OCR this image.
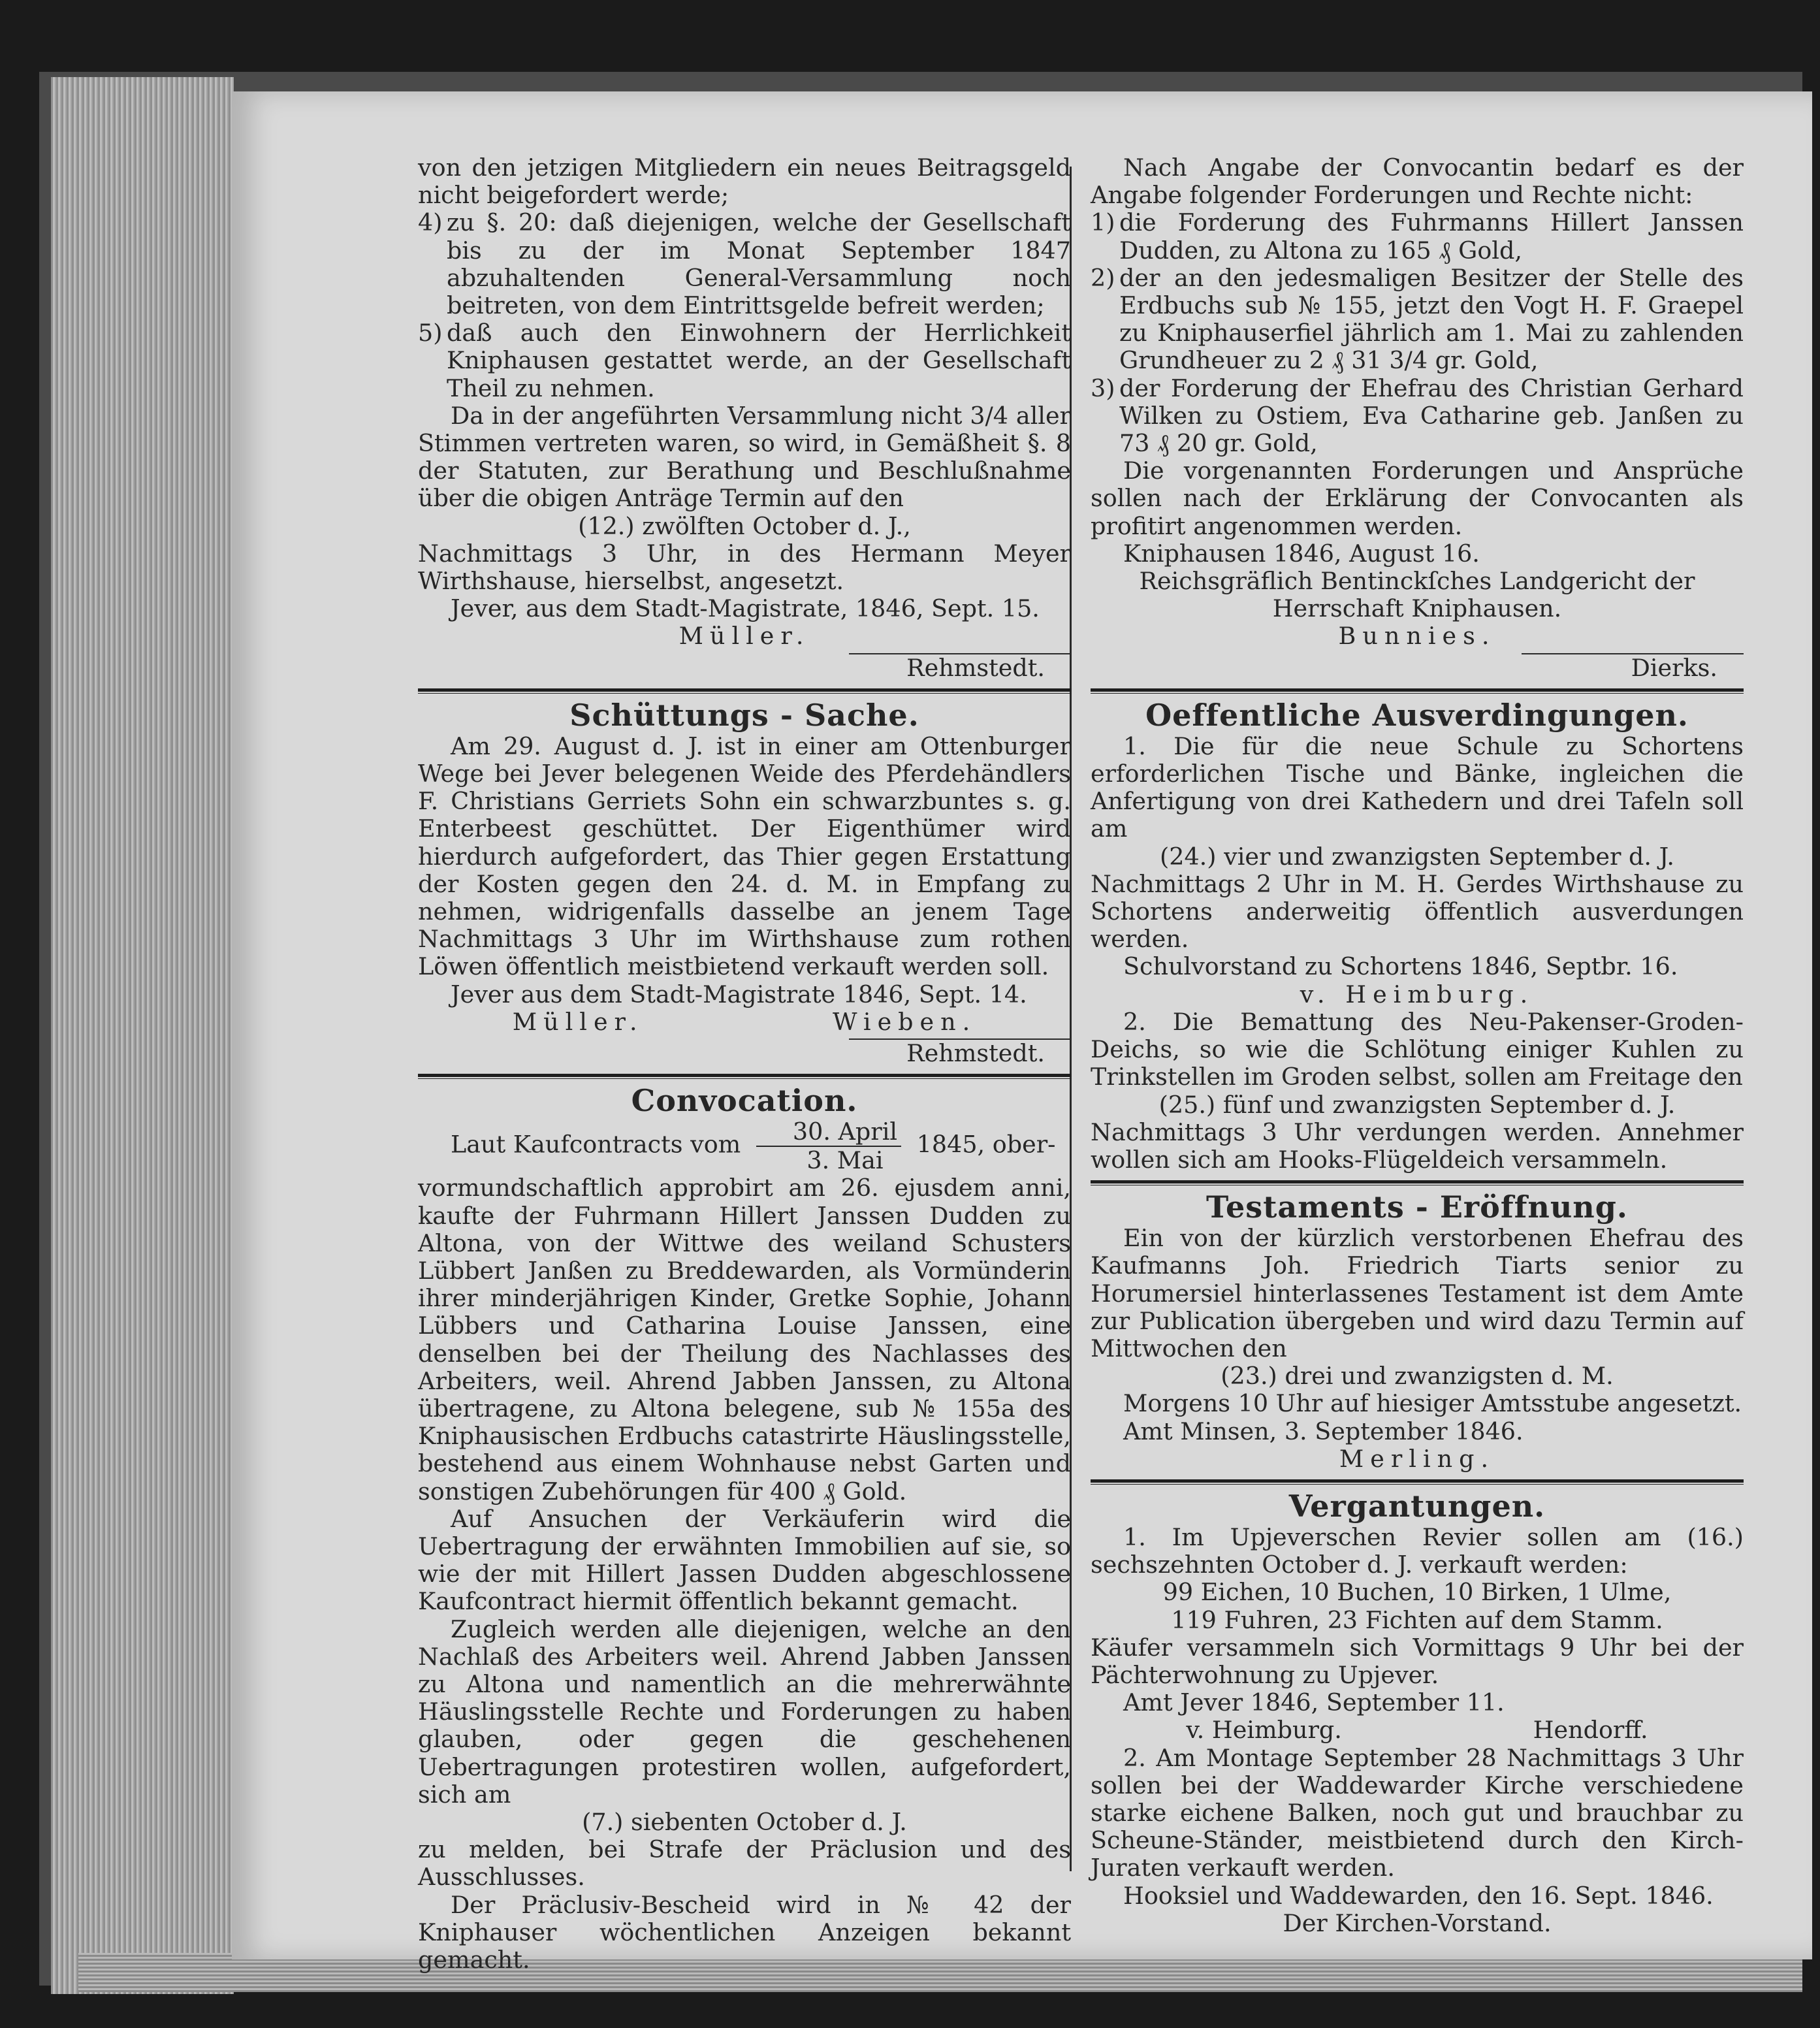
von den jetzigen Mitgliedern ein neues Beitragsgeld nicht beigefordert werde;

4) zu §. 20: daß diejenigen, welche der Gesellschaft bis zu der im Monat September 1847 abzuhaltenden General-Versammlung noch beitreten, von dem Eintrittsgelde befreit werden;
5) daß auch den Einwohnern der Herrlichkeit Kniphausen gestattet werde, an der Gesellschaft Theil zu nehmen.

Da in der angeführten Versammlung nicht 3/4 aller Stimmen vertreten waren, so wird, in Gemäßheit §. 8 der Statuten, zur Berathung und Beschlußnahme über die obigen Anträge Termin auf den

(12.) zwölften October d. J.,

Nachmittags 3 Uhr, in des Hermann Meyer Wirthshause, hierselbst, angesetzt.

Jever, aus dem Stadt-Magistrate, 1846, Sept. 15.

Müller.

Rehmstedt.
Schüttungs - Sache.

Am 29. August d. J. ist in einer am Ottenburger Wege bei Jever belegenen Weide des Pferdehändlers F. Christians Gerriets Sohn ein schwarzbuntes s. g. Enterbeest geschüttet. Der Eigenthümer wird hierdurch aufgefordert, das Thier gegen Erstattung der Kosten gegen den 24. d. M. in Empfang zu nehmen, widrigenfalls dasselbe an jenem Tage Nachmittags 3 Uhr im Wirthshause zum rothen Löwen öffentlich meistbietend verkauft werden soll.

Jever aus dem Stadt-Magistrate 1846, Sept. 14.

Müller.	Wieben.
Rehmstedt.
Convocation.

Laut Kaufcontracts vom $\frac{\text{30. April}}{\text{3. Mai}} 1845$, ober-

vormundschaftlich approbirt am 26. ejusdem anni, kaufte der Fuhrmann Hillert Janssen Dudden zu Altona, von der Wittwe des weiland Schusters Lübbert Janßen zu Breddewarden, als Vormünderin ihrer minderjährigen Kinder, Gretke Sophie, Johann Lübbers und Catharina Louise Janssen, eine denselben bei der Theilung des Nachlasses des Arbeiters, weil. Ahrend Jabben Janssen, zu Altona übertragene, zu Altona belegene, sub № 155a des Kniphausischen Erdbuchs catastrirte Häuslingsstelle, bestehend aus einem Wohnhause nebst Garten und sonstigen Zubehörungen für 400 ₰ Gold.

Auf Ansuchen der Verkäuferin wird die Uebertragung der erwähnten Immobilien auf sie, so wie der mit Hillert Jassen Dudden abgeschlossene Kaufcontract hiermit öffentlich bekannt gemacht.

Zugleich werden alle diejenigen, welche an den Nachlaß des Arbeiters weil. Ahrend Jabben Janssen zu Altona und namentlich an die mehrerwähnte Häuslingsstelle Rechte und Forderungen zu haben glauben, oder gegen die geschehenen Uebertragungen protestiren wollen, aufgefordert, sich am

(7.) siebenten October d. J.

zu melden, bei Strafe der Präclusion und des Ausschlusses.

Der Präclusiv-Bescheid wird in № 42 der Kniphauser wöchentlichen Anzeigen bekannt gemacht.

Nach Angabe der Convocantin bedarf es der Angabe folgender Forderungen und Rechte nicht:

1) die Forderung des Fuhrmanns Hillert Janssen Dudden, zu Altona zu 165 ₰ Gold,
2) der an den jedesmaligen Besitzer der Stelle des Erdbuchs sub № 155, jetzt den Vogt H. F. Graepel zu Kniphauserfiel jährlich am 1. Mai zu zahlenden Grundheuer zu 2 ₰ 31 3/4 gr. Gold,
3) der Forderung der Ehefrau des Christian Gerhard Wilken zu Ostiem, Eva Catharine geb. Janßen zu 73 ₰ 20 gr. Gold,

Die vorgenannten Forderungen und Ansprüche sollen nach der Erklärung der Convocanten als profitirt angenommen werden.

Kniphausen 1846, August 16.

Reichsgräflich Bentinckſches Landgericht der Herrschaft Kniphausen.

Bunnies.

Dierks.
Oeffentliche Ausverdingungen.

1. Die für die neue Schule zu Schortens erforderlichen Tische und Bänke, ingleichen die Anfertigung von drei Kathedern und drei Tafeln soll am

(24.) vier und zwanzigsten September d. J.

Nachmittags 2 Uhr in M. H. Gerdes Wirthshause zu Schortens anderweitig öffentlich ausverdungen werden.

Schulvorstand zu Schortens 1846, Septbr. 16.

v. Heimburg.

2. Die Bemattung des Neu-Pakenser-Groden-Deichs, so wie die Schlötung einiger Kuhlen zu Trinkstellen im Groden selbst, sollen am Freitage den

(25.) fünf und zwanzigsten September d. J.

Nachmittags 3 Uhr verdungen werden. Annehmer wollen sich am Hooks-Flügeldeich versammeln.

Testaments - Eröffnung.

Ein von der kürzlich verstorbenen Ehefrau des Kaufmanns Joh. Friedrich Tiarts senior zu Horumersiel hinterlassenes Testament ist dem Amte zur Publication übergeben und wird dazu Termin auf Mittwochen den

(23.) drei und zwanzigsten d. M.

Morgens 10 Uhr auf hiesiger Amtsstube angesetzt.

Amt Minsen, 3. September 1846.

Merling.

Vergantungen.

1. Im Upjeverschen Revier sollen am (16.) sechszehnten October d. J. verkauft werden:

99 Eichen, 10 Buchen, 10 Birken, 1 Ulme,

119 Fuhren, 23 Fichten auf dem Stamm.

Käufer versammeln sich Vormittags 9 Uhr bei der Pächterwohnung zu Upjever.

Amt Jever 1846, September 11.

v. Heimburg.	Hendorff.

2. Am Montage September 28 Nachmittags 3 Uhr sollen bei der Waddewarder Kirche verschiedene starke eichene Balken, noch gut und brauchbar zu Scheune-Ständer, meistbietend durch den Kirch-Juraten verkauft werden.

Hooksiel und Waddewarden, den 16. Sept. 1846.

Der Kirchen-Vorstand.
